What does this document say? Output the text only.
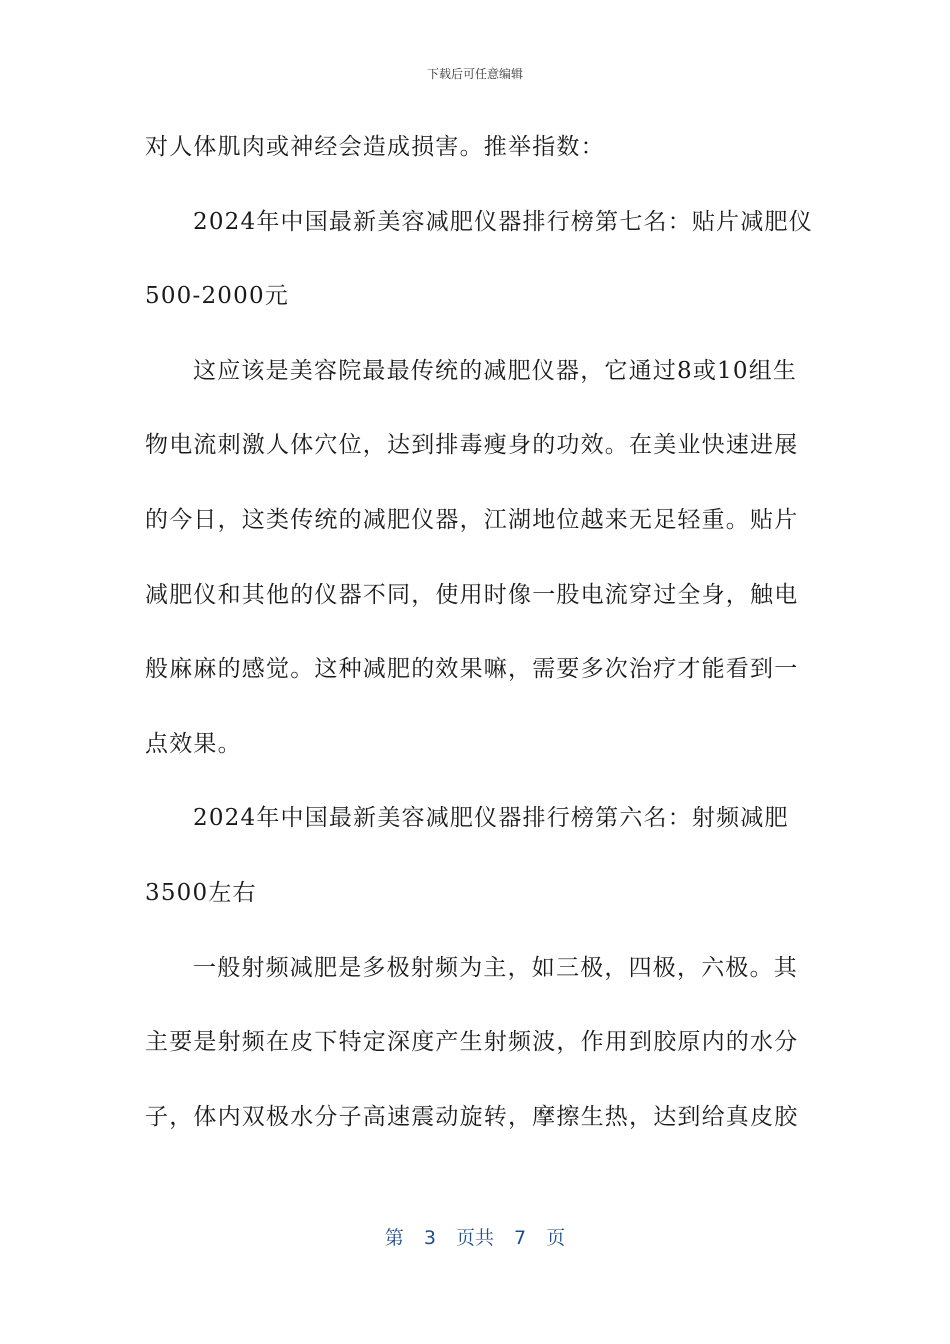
下载后可任意编辑
对人体肌肉或神经会造成损害。推举指数：
2024年中国最新美容减肥仪器排行榜第七名：贴片减肥仪
500-2000元
这应该是美容院最最传统的减肥仪器，它通过8或10组生
物电流刺激人体穴位，达到排毒瘦身的功效。在美业快速进展
的今日，这类传统的减肥仪器，江湖地位越来无足轻重。贴片
减肥仪和其他的仪器不同，使用时像一股电流穿过全身，触电
般麻麻的感觉。这种减肥的效果嘛，需要多次治疗才能看到一
点效果。
2024年中国最新美容减肥仪器排行榜第六名：射频减肥
3500左右
一般射频减肥是多极射频为主，如三极，四极，六极。其
主要是射频在皮下特定深度产生射频波，作用到胶原内的水分
子，体内双极水分子高速震动旋转，摩擦生热，达到给真皮胶
第 3 页共 7 页
